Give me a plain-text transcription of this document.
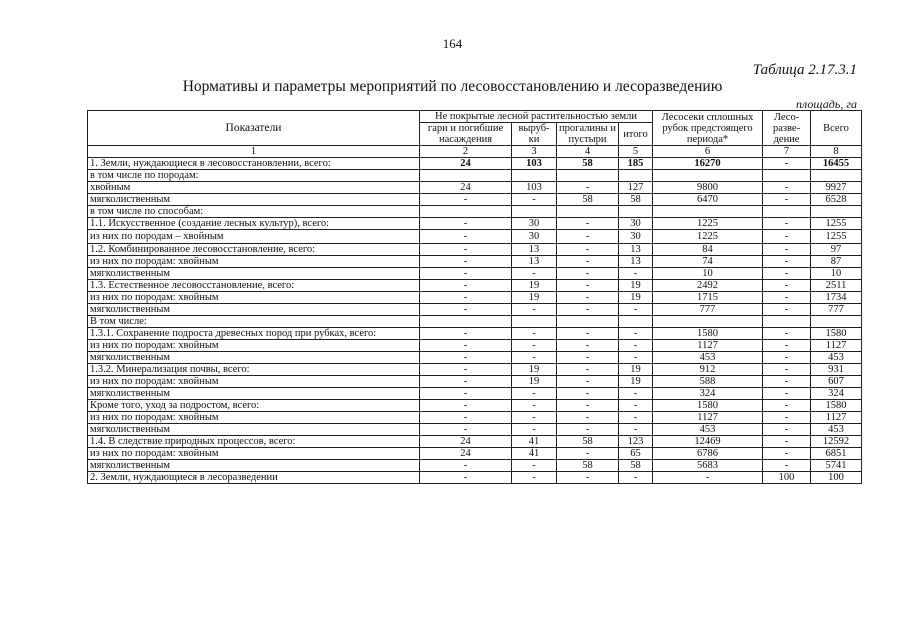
164
Таблица 2.17.3.1
Нормативы и параметры мероприятий по лесовосстановлению и лесоразведению
площадь, га
Показатели	Не покрытые лесной растительностью земли				Лесосеки сплошных рубок предстоящего периода*	Лесо-разве-дение	Всего
	гари и погибшие насаждения	выруб-ки	прогалины и пустыри	итого			
1	2	3	4	5	6	7	8
1. Земли, нуждающиеся в лесовосстановлении, всего:	24	103	58	185	16270	-	16455
в том числе по породам:							
хвойным	24	103	-	127	9800	-	9927
мягколиственным	-	-	58	58	6470	-	6528
в том числе по способам:							
1.1. Искусственное (создание лесных культур), всего:	-	30	-	30	1225	-	1255
из них по породам – хвойным	-	30	-	30	1225	-	1255
1.2. Комбинированное лесовосстановление, всего:	-	13	-	13	84	-	97
из них по породам: хвойным	-	13	-	13	74	-	87
мягколиственным	-	-	-	-	10	-	10
1.3. Естественное лесовосстановление, всего:	-	19	-	19	2492	-	2511
из них по породам: хвойным	-	19	-	19	1715	-	1734
мягколиственным	-	-	-	-	777	-	777
В том числе:							
1.3.1. Сохранение подроста древесных пород при рубках, всего:	-	-	-	-	1580	-	1580
из них по породам: хвойным	-	-	-	-	1127	-	1127
мягколиственным	-	-	-	-	453	-	453
1.3.2. Минерализация почвы, всего:	-	19	-	19	912	-	931
из них по породам: хвойным	-	19	-	19	588	-	607
мягколиственным	-	-	-	-	324	-	324
Кроме того, уход за подростом, всего:	-	-	-	-	1580	-	1580
из них по породам: хвойным	-	-	-	-	1127	-	1127
мягколиственным	-	-	-	-	453	-	453
1.4. В следствие природных процессов, всего:	24	41	58	123	12469	-	12592
из них по породам: хвойным	24	41	-	65	6786	-	6851
мягколиственным	-	-	58	58	5683	-	5741
2. Земли, нуждающиеся в лесоразведении	-	-	-	-	-	100	100
